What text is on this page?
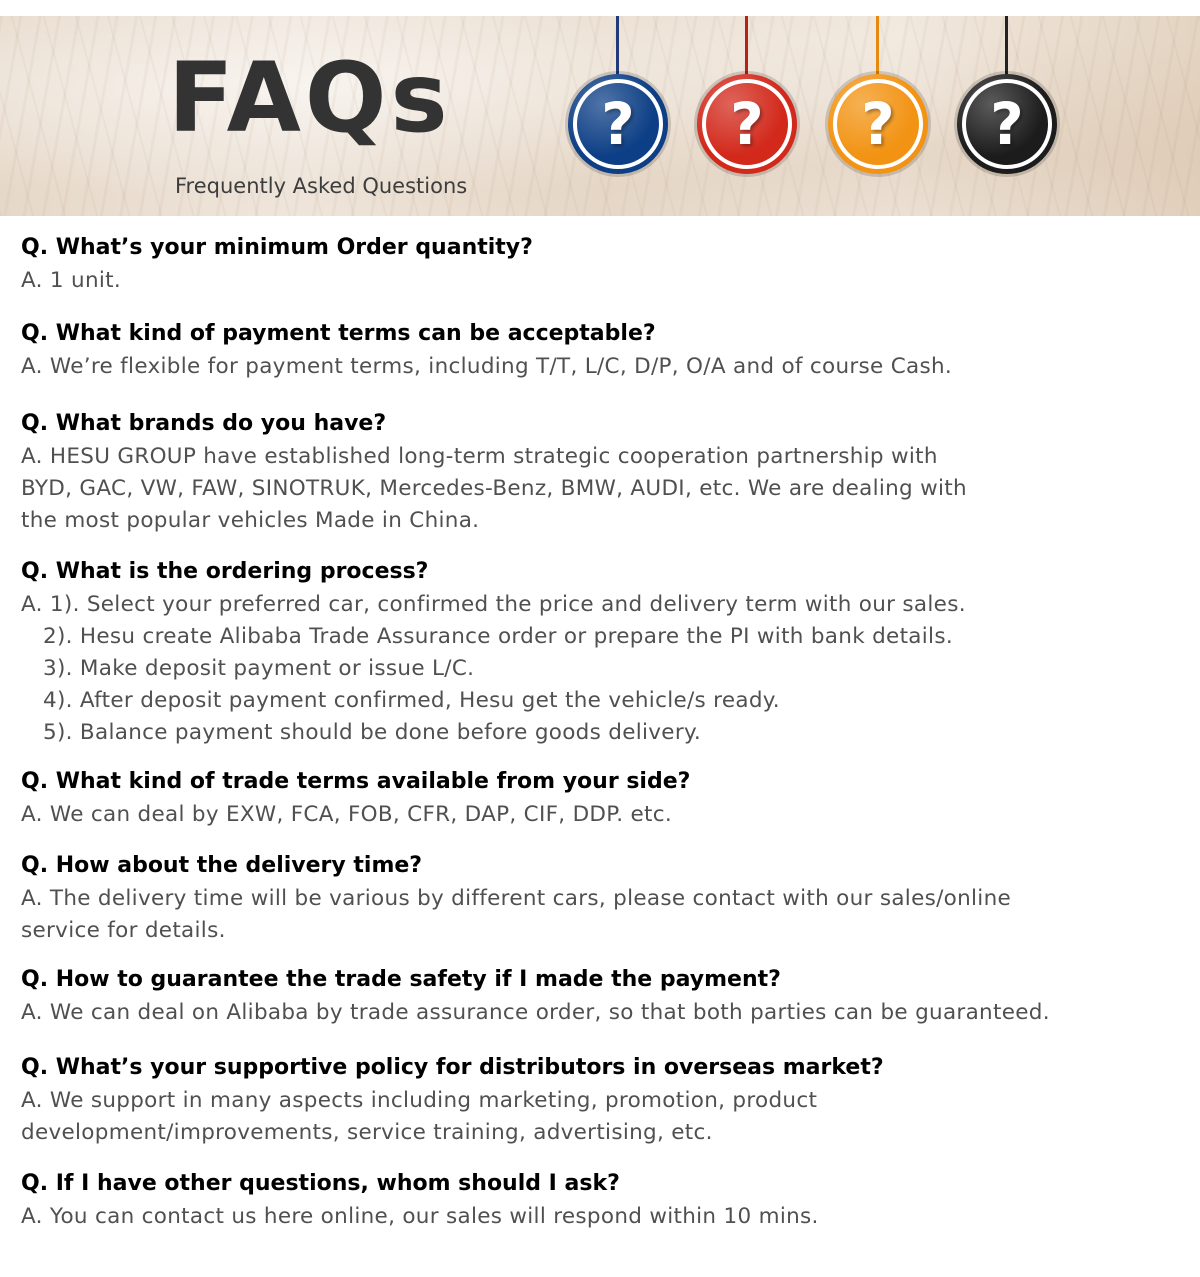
FAQs
Frequently Asked Questions
?	?	?	?
Q. What’s your minimum Order quantity?
A. 1 unit.
Q. What kind of payment terms can be acceptable?
A. We’re flexible for payment terms, including T/T, L/C, D/P, O/A and of course Cash.
Q. What brands do you have?
A. HESU GROUP have established long-term strategic cooperation partnership with
BYD, GAC, VW, FAW, SINOTRUK, Mercedes-Benz, BMW, AUDI, etc. We are dealing with
the most popular vehicles Made in China.
Q. What is the ordering process?
A. 1). Select your preferred car, confirmed the price and delivery term with our sales.
2). Hesu create Alibaba Trade Assurance order or prepare the PI with bank details.
3). Make deposit payment or issue L/C.
4). After deposit payment confirmed, Hesu get the vehicle/s ready.
5). Balance payment should be done before goods delivery.
Q. What kind of trade terms available from your side?
A. We can deal by EXW, FCA, FOB, CFR, DAP, CIF, DDP. etc.
Q. How about the delivery time?
A. The delivery time will be various by different cars, please contact with our sales/online
service for details.
Q. How to guarantee the trade safety if I made the payment?
A. We can deal on Alibaba by trade assurance order, so that both parties can be guaranteed.
Q. What’s your supportive policy for distributors in overseas market?
A. We support in many aspects including marketing, promotion, product
development/improvements, service training, advertising, etc.
Q. If I have other questions, whom should I ask?
A. You can contact us here online, our sales will respond within 10 mins.
